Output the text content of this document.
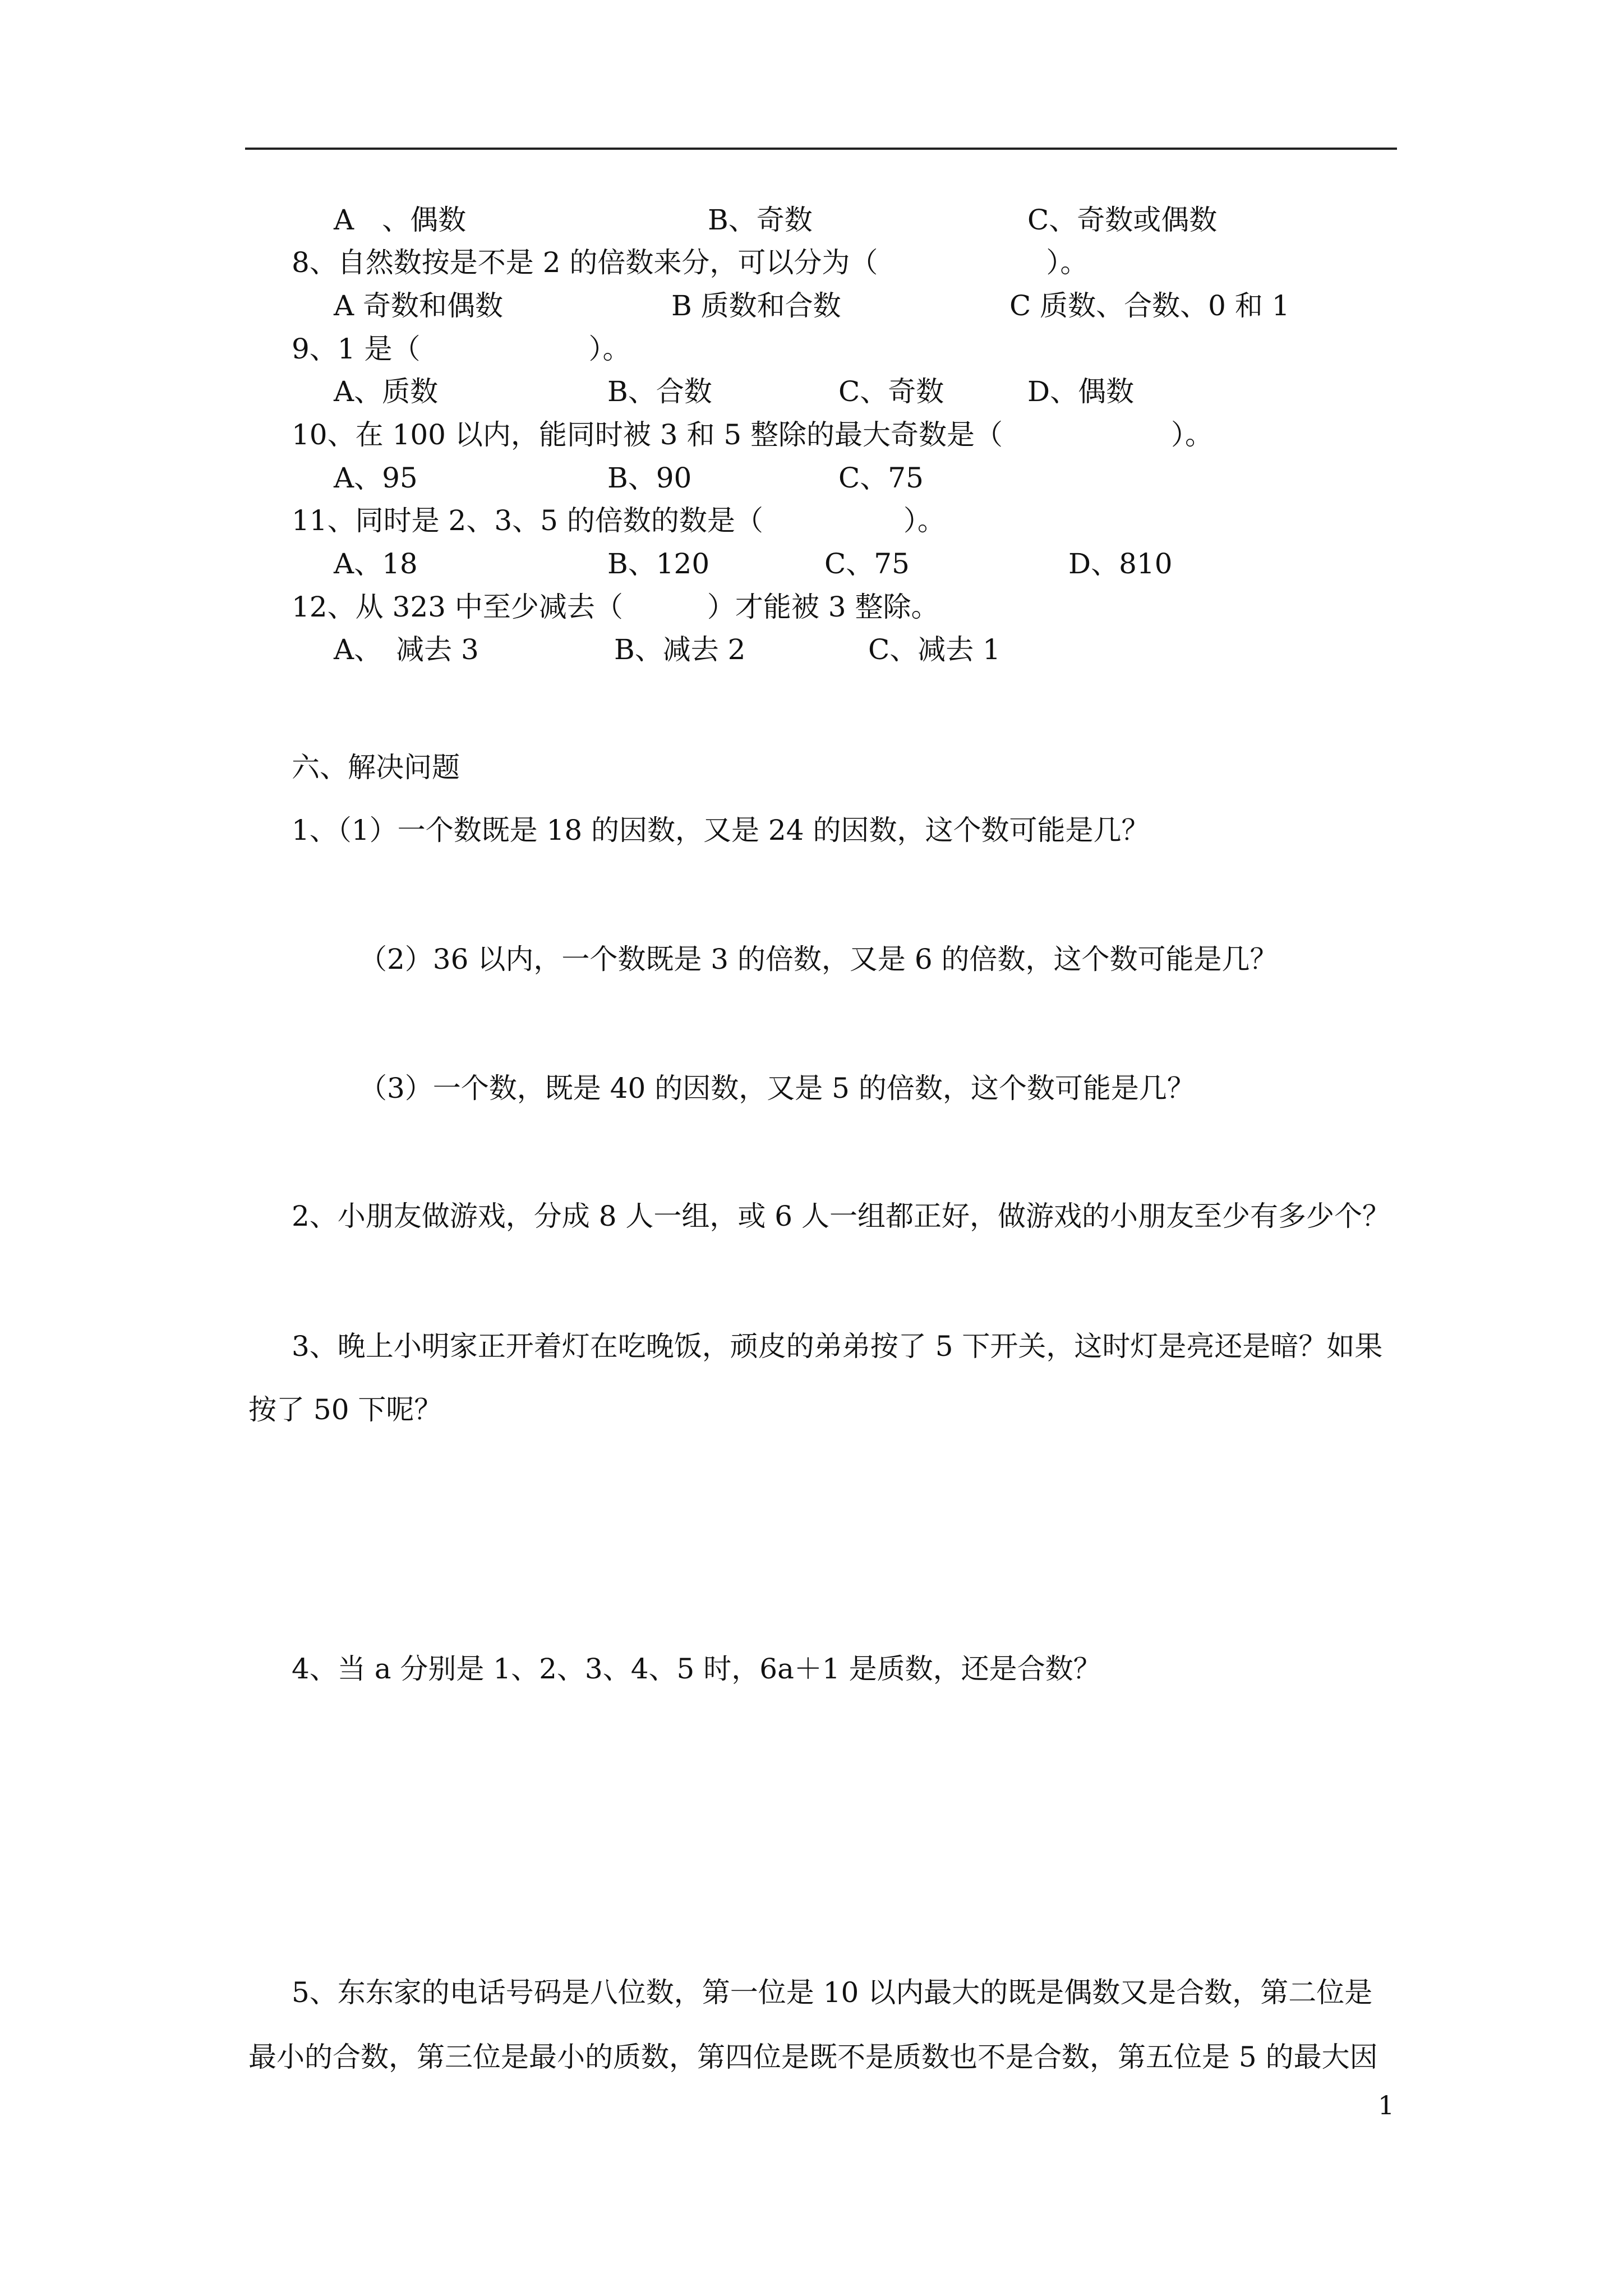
A　、偶数	B、奇数	C、奇数或偶数
8、自然数按是不是 2 的倍数来分，可以分为（　　　　　　）。
A 奇数和偶数	B 质数和合数	C 质数、合数、0 和 1
9、1 是（　　　　　　）。
A、质数	B、合数	C、奇数	D、偶数
10、在 100 以内，能同时被 3 和 5 整除的最大奇数是（　　　　　　）。
A、95	B、90	C、75
11、同时是 2、3、5 的倍数的数是（　　　　　）。
A、18	B、120	C、75	D、810
12、从 323 中至少减去（　　　）才能被 3 整除。
A、　减去 3	B、减去 2	C、减去 1
六、解决问题
1、（1）一个数既是 18 的因数，又是 24 的因数，这个数可能是几？
（2）36 以内，一个数既是 3 的倍数，又是 6 的倍数，这个数可能是几？
（3）一个数，既是 40 的因数，又是 5 的倍数，这个数可能是几？
2、小朋友做游戏，分成 8 人一组，或 6 人一组都正好，做游戏的小朋友至少有多少个？
3、晚上小明家正开着灯在吃晚饭，顽皮的弟弟按了 5 下开关，这时灯是亮还是暗？如果
按了 50 下呢？
4、当 a 分别是 1、2、3、4、5 时，6a＋1 是质数，还是合数？
5、东东家的电话号码是八位数，第一位是 10 以内最大的既是偶数又是合数，第二位是
最小的合数，第三位是最小的质数，第四位是既不是质数也不是合数，第五位是 5 的最大因
1
